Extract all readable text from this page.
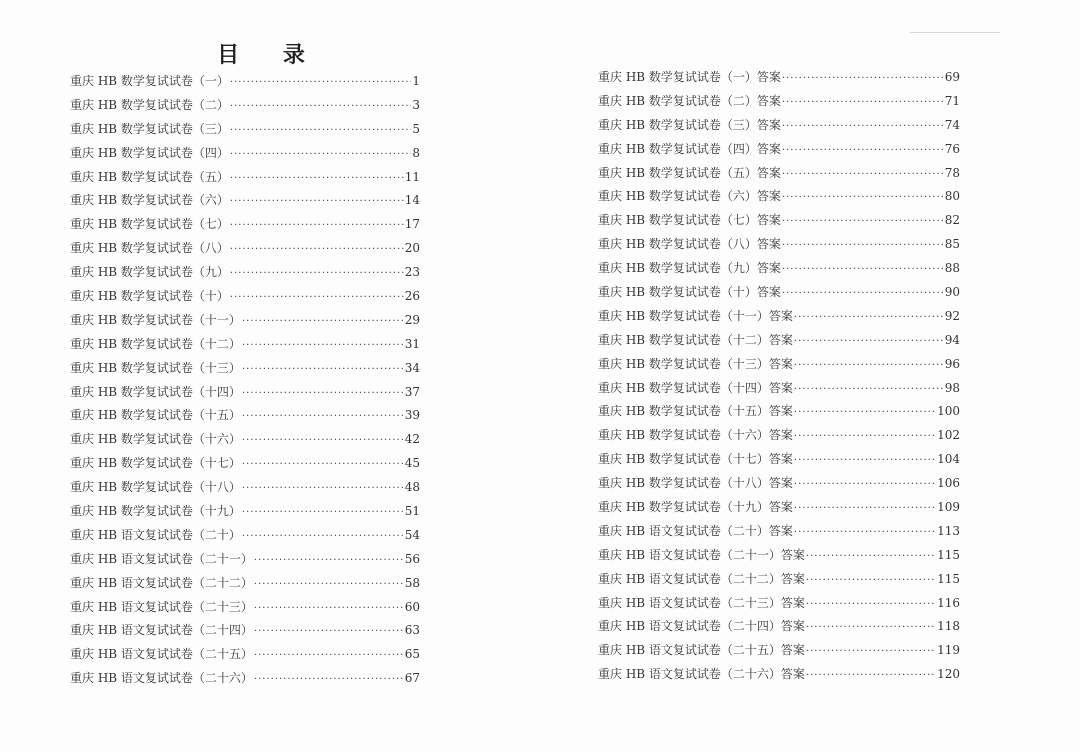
目 录
重庆 HB 数学复试试卷（一） ·····	1
重庆 HB 数学复试试卷（二） ·····	3
重庆 HB 数学复试试卷（三） ·····	5
重庆 HB 数学复试试卷（四） ·····	8
重庆 HB 数学复试试卷（五） ·····	11
重庆 HB 数学复试试卷（六） ·····	14
重庆 HB 数学复试试卷（七） ·····	17
重庆 HB 数学复试试卷（八） ·····	20
重庆 HB 数学复试试卷（九） ·····	23
重庆 HB 数学复试试卷（十） ·····	26
重庆 HB 数学复试试卷（十一） ·····	29
重庆 HB 数学复试试卷（十二） ·····	31
重庆 HB 数学复试试卷（十三） ·····	34
重庆 HB 数学复试试卷（十四） ·····	37
重庆 HB 数学复试试卷（十五） ·····	39
重庆 HB 数学复试试卷（十六） ·····	42
重庆 HB 数学复试试卷（十七） ·····	45
重庆 HB 数学复试试卷（十八） ·····	48
重庆 HB 数学复试试卷（十九） ·····	51
重庆 HB 语文复试试卷（二十） ·····	54
重庆 HB 语文复试试卷（二十一） ·····	56
重庆 HB 语文复试试卷（二十二） ·····	58
重庆 HB 语文复试试卷（二十三） ·····	60
重庆 HB 语文复试试卷（二十四） ·····	63
重庆 HB 语文复试试卷（二十五） ·····	65
重庆 HB 语文复试试卷（二十六） ·····	67
重庆 HB 数学复试试卷（一）答案 ·····	69
重庆 HB 数学复试试卷（二）答案 ·····	71
重庆 HB 数学复试试卷（三）答案 ·····	74
重庆 HB 数学复试试卷（四）答案 ·····	76
重庆 HB 数学复试试卷（五）答案 ·····	78
重庆 HB 数学复试试卷（六）答案 ·····	80
重庆 HB 数学复试试卷（七）答案 ·····	82
重庆 HB 数学复试试卷（八）答案 ·····	85
重庆 HB 数学复试试卷（九）答案 ·····	88
重庆 HB 数学复试试卷（十）答案 ·····	90
重庆 HB 数学复试试卷（十一）答案 ·····	92
重庆 HB 数学复试试卷（十二）答案 ·····	94
重庆 HB 数学复试试卷（十三）答案 ·····	96
重庆 HB 数学复试试卷（十四）答案 ·····	98
重庆 HB 数学复试试卷（十五）答案 ·····	100
重庆 HB 数学复试试卷（十六）答案 ·····	102
重庆 HB 数学复试试卷（十七）答案 ·····	104
重庆 HB 数学复试试卷（十八）答案 ·····	106
重庆 HB 数学复试试卷（十九）答案 ·····	109
重庆 HB 语文复试试卷（二十）答案 ·····	113
重庆 HB 语文复试试卷（二十一）答案 ·····	115
重庆 HB 语文复试试卷（二十二）答案 ·····	115
重庆 HB 语文复试试卷（二十三）答案 ·····	116
重庆 HB 语文复试试卷（二十四）答案 ·····	118
重庆 HB 语文复试试卷（二十五）答案 ·····	119
重庆 HB 语文复试试卷（二十六）答案 ·····	120
